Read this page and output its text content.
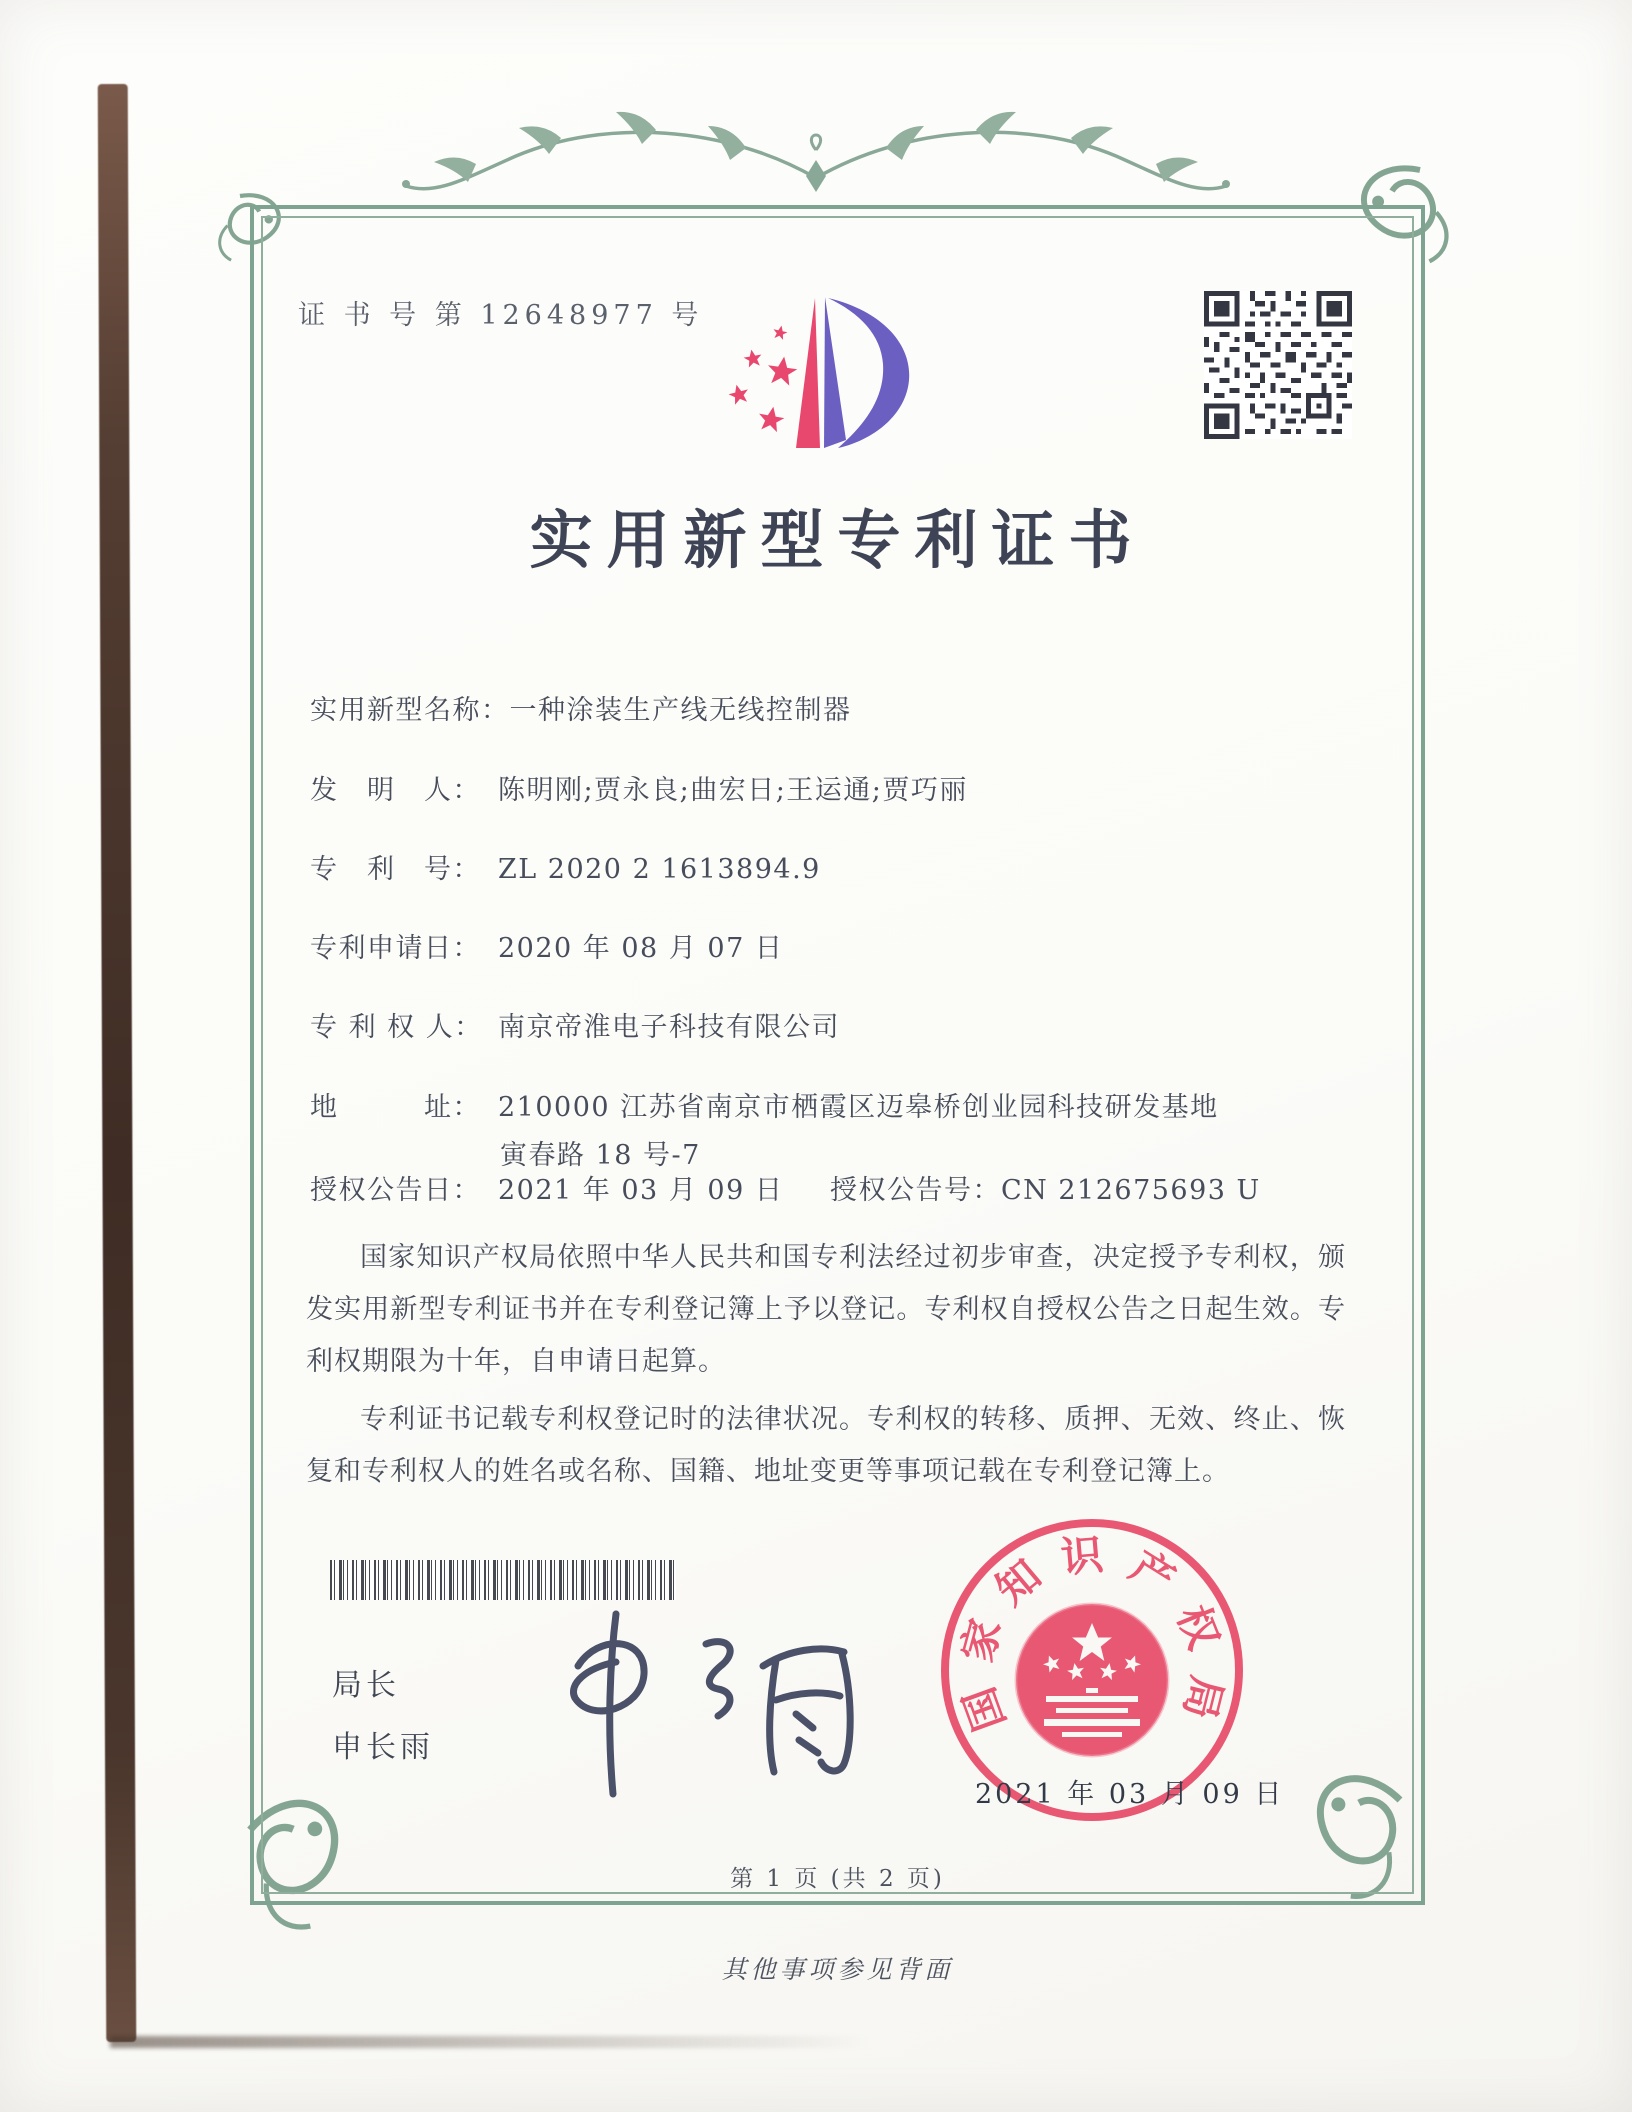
证 书 号 第 12648977 号
实用新型专利证书
实用新型名称：一种涂装生产线无线控制器
发　明　人： 陈明刚;贾永良;曲宏日;王运通;贾巧丽
专　利　号： ZL 2020 2 1613894.9
专利申请日： 2020 年 08 月 07 日
专 利 权 人： 南京帝淮电子科技有限公司
地　　　址： 210000 江苏省南京市栖霞区迈皋桥创业园科技研发基地
寅春路 18 号-7
授权公告日： 2021 年 03 月 09 日 授权公告号：CN 212675693 U

国家知识产权局依照中华人民共和国专利法经过初步审查，决定授予专利权，颁发实用新型专利证书并在专利登记簿上予以登记。专利权自授权公告之日起生效。专利权期限为十年，自申请日起算。

专利证书记载专利权登记时的法律状况。专利权的转移、质押、无效、终止、恢复和专利权人的姓名或名称、国籍、地址变更等事项记载在专利登记簿上。

局长
申长雨
国
家
知 识 产
权
局
2021 年 03 月 09 日
第 1 页 (共 2 页)
其他事项参见背面
